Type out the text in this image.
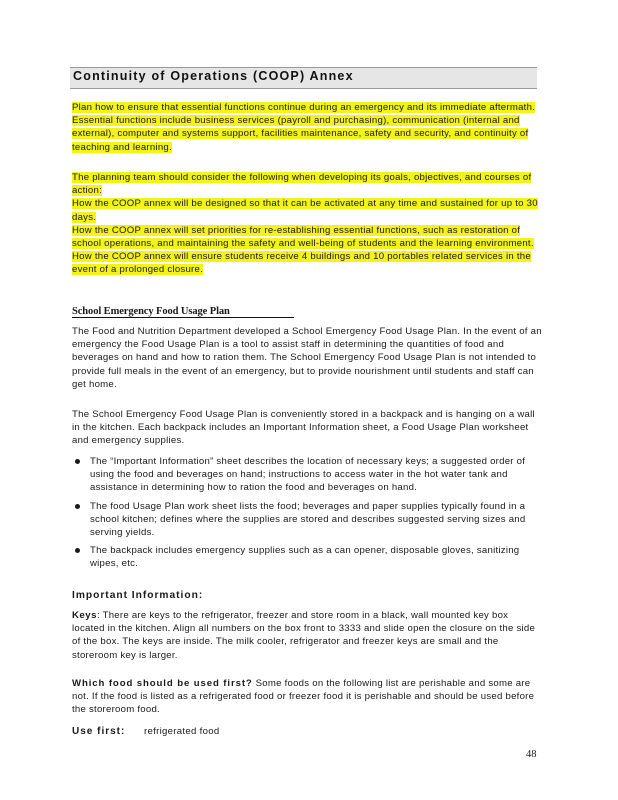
Continuity of Operations (COOP) Annex

Plan how to ensure that essential functions continue during an emergency and its immediate aftermath. Essential functions include business services (payroll and purchasing), communication (internal and external), computer and systems support, facilities maintenance, safety and security, and continuity of teaching and learning.

The planning team should consider the following when developing its goals, objectives, and courses of action:

How the COOP annex will be designed so that it can be activated at any time and sustained for up to 30 days.

How the COOP annex will set priorities for re-establishing essential functions, such as restoration of school operations, and maintaining the safety and well-being of students and the learning environment.

How the COOP annex will ensure students receive 4 buildings and 10 portables related services in the event of a prolonged closure.

School Emergency Food Usage Plan

The Food and Nutrition Department developed a School Emergency Food Usage Plan. In the event of an emergency the Food Usage Plan is a tool to assist staff in determining the quantities of food and beverages on hand and how to ration them. The School Emergency Food Usage Plan is not intended to provide full meals in the event of an emergency, but to provide nourishment until students and staff can get home.

The School Emergency Food Usage Plan is conveniently stored in a backpack and is hanging on a wall in the kitchen. Each backpack includes an Important Information sheet, a Food Usage Plan worksheet and emergency supplies.

The “Important Information” sheet describes the location of necessary keys; a suggested order of using the food and beverages on hand; instructions to access water in the hot water tank and assistance in determining how to ration the food and beverages on hand.

The food Usage Plan work sheet lists the food; beverages and paper supplies typically found in a school kitchen; defines where the supplies are stored and describes suggested serving sizes and serving yields.

The backpack includes emergency supplies such as a can opener, disposable gloves, sanitizing wipes, etc.

Important Information:

Keys: There are keys to the refrigerator, freezer and store room in a black, wall mounted key box located in the kitchen. Align all numbers on the box front to 3333 and slide open the closure on the side of the box. The keys are inside. The milk cooler, refrigerator and freezer keys are small and the storeroom key is larger.

Which food should be used first? Some foods on the following list are perishable and some are not. If the food is listed as a refrigerated food or freezer food it is perishable and should be used before the storeroom food.

Use first: refrigerated food
48
